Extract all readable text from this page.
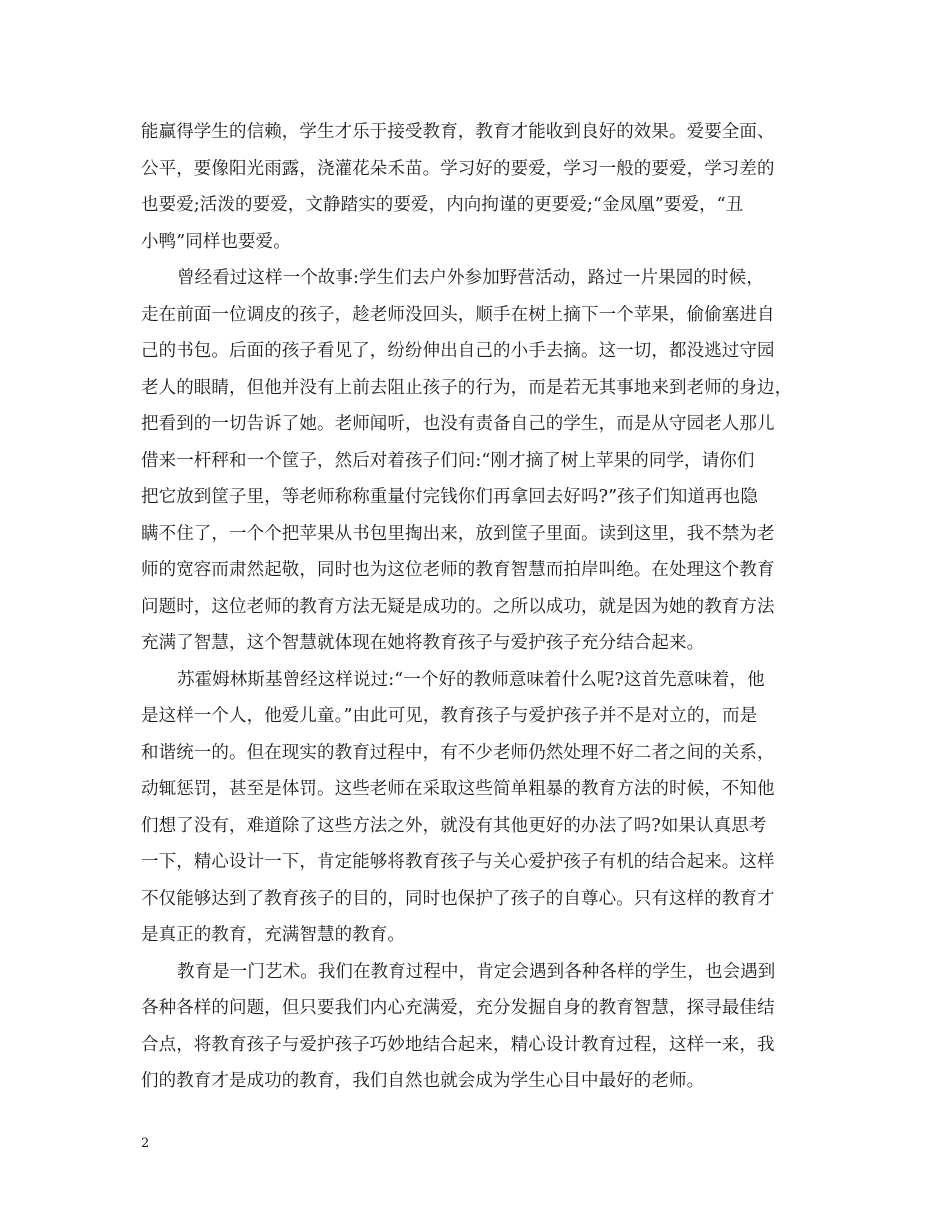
能赢得学生的信赖，学生才乐于接受教育，教育才能收到良好的效果。爱要全面、
公平，要像阳光雨露，浇灌花朵禾苗。学习好的要爱，学习一般的要爱，学习差的
也要爱;活泼的要爱，文静踏实的要爱，内向拘谨的更要爱;“金凤凰”要爱，“丑
小鸭”同样也要爱。
曾经看过这样一个故事:学生们去户外参加野营活动，路过一片果园的时候，
走在前面一位调皮的孩子，趁老师没回头，顺手在树上摘下一个苹果，偷偷塞进自
己的书包。后面的孩子看见了，纷纷伸出自己的小手去摘。这一切，都没逃过守园
老人的眼睛，但他并没有上前去阻止孩子的行为，而是若无其事地来到老师的身边，
把看到的一切告诉了她。老师闻听，也没有责备自己的学生，而是从守园老人那儿
借来一杆秤和一个筐子，然后对着孩子们问:“刚才摘了树上苹果的同学，请你们
把它放到筐子里，等老师称称重量付完钱你们再拿回去好吗?”孩子们知道再也隐
瞒不住了，一个个把苹果从书包里掏出来，放到筐子里面。读到这里，我不禁为老
师的宽容而肃然起敬，同时也为这位老师的教育智慧而拍岸叫绝。在处理这个教育
问题时，这位老师的教育方法无疑是成功的。之所以成功，就是因为她的教育方法
充满了智慧，这个智慧就体现在她将教育孩子与爱护孩子充分结合起来。
苏霍姆林斯基曾经这样说过:“一个好的教师意味着什么呢?这首先意味着，他
是这样一个人，他爱儿童。”由此可见，教育孩子与爱护孩子并不是对立的，而是
和谐统一的。但在现实的教育过程中，有不少老师仍然处理不好二者之间的关系，
动辄惩罚，甚至是体罚。这些老师在采取这些简单粗暴的教育方法的时候，不知他
们想了没有，难道除了这些方法之外，就没有其他更好的办法了吗?如果认真思考
一下，精心设计一下，肯定能够将教育孩子与关心爱护孩子有机的结合起来。这样
不仅能够达到了教育孩子的目的，同时也保护了孩子的自尊心。只有这样的教育才
是真正的教育，充满智慧的教育。
教育是一门艺术。我们在教育过程中，肯定会遇到各种各样的学生，也会遇到
各种各样的问题，但只要我们内心充满爱，充分发掘自身的教育智慧，探寻最佳结
合点，将教育孩子与爱护孩子巧妙地结合起来，精心设计教育过程，这样一来，我
们的教育才是成功的教育，我们自然也就会成为学生心目中最好的老师。
2
